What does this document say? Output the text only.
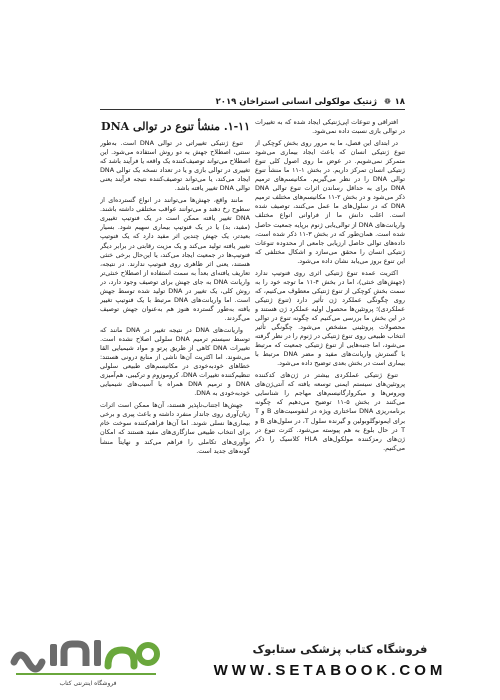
۱۸
❁
ژنتیک مولکولی انسانی استراخان ۲۰۱۹

افتراقی و تنوعات اپی‌ژنتیکی ایجاد شده که به تغییرات در توالی بازی نسبت داده نمی‌شود.

در ابتدای این فصل، ما به مرور روی بخش کوچکی از تنوع ژنتیکی انسان که باعث ایجاد بیماری می‌شود متمرکز نمی‌شویم. در عوض ما روی اصول کلی تنوع ژنتیکی انسان تمرکز داریم. در بخش ۱-۱۱ ما منشأ تنوع توالی DNA را در نظر می‌گیریم. مکانیسم‌های ترمیم DNA برای به حداقل رساندن اثرات تنوع توالی DNA ذکر می‌شود و در بخش ۲-۱۱ مکانیسم‌های مختلف ترمیم DNA که در سلول‌های ما عمل می‌کنند، توصیف شده است. اغلب دانش ما از فراوانی انواع مختلف واریانت‌های DNA از توالی‌یابی ژنوم برپایه جمعیت حاصل شده است. همان‌طور که در بخش ۳-۱۱ ذکر شده است، داده‌های توالی حاصل ارزیابی جامعی از محدوده تنوعات ژنتیکی انسان را محقق می‌سازد و اشکال مختلفی که این تنوع بروز می‌یابد نشان داده می‌شود.

اکثریت عمده تنوع ژنتیکی اثری روی فنوتیپ ندارد (جهش‌های خنثی)، اما در بخش ۴-۱۱ ما توجه خود را به سمت بخش کوچکی از تنوع ژنتیکی معطوف می‌کنیم، که روی چگونگی عملکرد ژن تأثیر دارد (تنوع ژنتیکی عملکردی)؛ پروتئین‌ها محصول اولیه عملکرد ژن هستند و در این بخش ما بررسی می‌کنیم که چگونه تنوع در توالی محصولات پروتئینی مشخص می‌شود. چگونگی تأثیر انتخاب طبیعی روی تنوع ژنتیکی در ژنوم را در نظر گرفته می‌شود، اما جنبه‌هایی از تنوع ژنتیکی جمعیت که مرتبط با گسترش واریانت‌های مفید و مضر DNA مرتبط با بیماری است در بخش بعدی توضیح داده می‌شود.

تنوع ژنتیکی عملکردی بیشتر در ژن‌های کدکننده پروتئین‌های سیستم ایمنی توسعه یافته که آنتی‌ژن‌های ویروس‌ها و میکروارگانیسم‌های مهاجم را شناسایی می‌کنند در بخش ۵-۱۱ توضیح می‌دهیم که چگونه برنامه‌ریزی DNA ساختاری ویژه در لنفوسیت‌های B و T برای ایمونوگلوبولین و گیرنده سلول T، در سلول‌های B و T در حال بلوغ به هم پیوسته می‌شود. کثرت تنوع در ژن‌های رمزکننده مولکول‌های HLA کلاسیک را ذکر می‌کنیم.

۱-۱۱. منشأ تنوع در توالی DNA

تنوع ژنتیکی تغییراتی در توالی DNA است. به‌طور سنتی، اصطلاح جهش به دو روش استفاده می‌شود. این اصطلاح می‌تواند توصیف‌کننده یک واقعه یا فرآیند باشد که تغییری در توالی بازی و یا در تعداد نسخه یک توالی DNA ایجاد می‌کند، یا می‌تواند توصیف‌کننده نتیجه فرآیند یعنی توالی DNA تغییر یافته باشد.

مانند واقع، جهش‌ها می‌توانند در انواع گسترده‌ای از سطوح رخ دهند و می‌توانند عواقب مختلفی داشته باشند. DNA تغییر یافته ممکن است در یک فنوتیپ تغییری (مفید، بد) یا در یک فنوتیپ بیماری سهیم شود. بسیار بعیدتر، یک جهش چندین اثر مفید دارد که یک فنوتیپ تغییر یافته تولید می‌کند و یک مزیت رقابتی در برابر دیگر فنوتیپ‌ها در جمعیت ایجاد می‌کند، یا این‌حال برخی خنثی هستند، یعنی اثر ظاهری روی فنوتیپ ندارند. در نتیجه، تعاریف یافته‌ای بعداً به سمت استفاده از اصطلاح خنثی‌تر واریانت DNA به جای جهش برای توصیف وجود دارد، در روش کلی، یک تغییر در DNA تولید شده توسط جهش است. اما واریانت‌های DNA مرتبط با یک فنوتیپ تغییر یافته به‌طور گسترده هنوز هم به‌عنوان جهش توصیف می‌گردند.

واریانت‌های DNA در نتیجه تغییر در DNA مانند که توسط سیستم ترمیم DNA سلولی اصلاح نشده است. تغییرات DNA کاهی از طریق پرتو و مواد شیمیایی القا می‌شوند. اما اکثریت آن‌ها ناشی از منابع درونی هستند: خطاهای خودبه‌خودی در مکانیسم‌های طبیعی سلولی تنظیم‌کننده تغییرات DNA، کروموزوم و ترکیبی، هم‌آمیزی DNA و ترمیم DNA همراه با آسیب‌های شیمیایی خودبه‌خودی به DNA.

جهش‌ها اجتناب‌ناپذیر هستند، آن‌ها ممکن است اثرات زیان‌آوری روی جاندار منفرد داشته و باعث پیری و برخی بیماری‌ها نسلی شوند. اما آن‌ها فراهم‌کننده سوخت خام برای انتخاب طبیعی سازگاری‌های مفید هستند که امکان نوآوری‌های تکاملی را فراهم می‌کند و نهایتاً منشأ گونه‌های جدید است.

فروشگاه اینترنتی کتاب
فروشگاه کتاب پزشکی ستابوک
WWW.SETABOOK.COM
